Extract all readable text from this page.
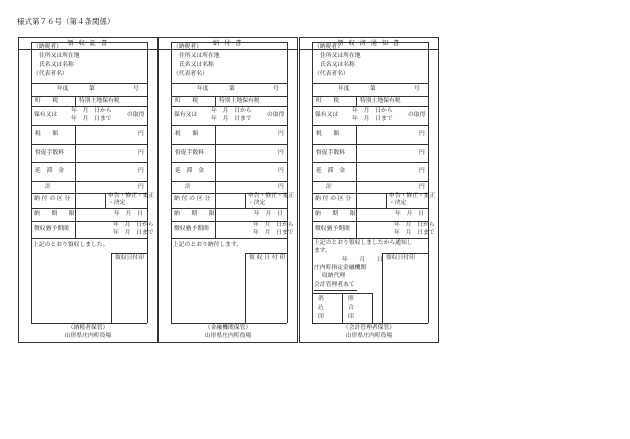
様式第７６号（第４条関係）
領 収 証 書
（納税者）
住所又は所在地
氏名又は名称
（代表者名）
年度	第	号
町　　税	特別土地保有税
保有又は
年　月　日から
年　月　日まで
の取得
税　　額	円
督促手数料	円
延　滞　金	円
計	円
納 付 の 区 分	申告・修正・更正
・決定
納　　期　　限	年　月　日
徴収猶予期間
年　月　日から
年　月　日まで
上記のとおり領収しました。
領収日付印
（納税者保管）
山形県庄内町役場
納 付 書
（納税者）
住所又は所在地
氏名又は名称
（代表者名）
年度	第	号
町　　税	特別土地保有税
保有又は
年　月　日から
年　月　日まで
の取得
税　　額	円
督促手数料	円
延　滞　金	円
計	円
納 付 の 区 分	申告・修正・更正
・決定
納　　期　　限	年　月　日
徴収猶予期間
年　月　日から
年　月　日まで
上記のとおり納付します。
領 収 日 付 印
（金融機関保管）
山形県庄内町役場
領 収 済 通 知 書
（納税者）
住所又は所在地
氏名又は名称
（代表者名）
年度	第	号
町　　税	特別土地保有税
保有又は
年　月　日から
年　月　日まで
の取得
税　　額	円
督促手数料	円
延　滞　金	円
計	円
納 付 の 区 分	申告・修正・更正
・決定
納　　期　　限	年　月　日
徴収猶予期間
年　月　日から
年　月　日まで
上記のとおり領収しましたから通知し
ます。
年　　月　　日
庄内町指定金融機関
収納代理
会計管理者あて
領収日付印
消
込
印
照
合
印
（会計管理者保管）
山形県庄内町役場
